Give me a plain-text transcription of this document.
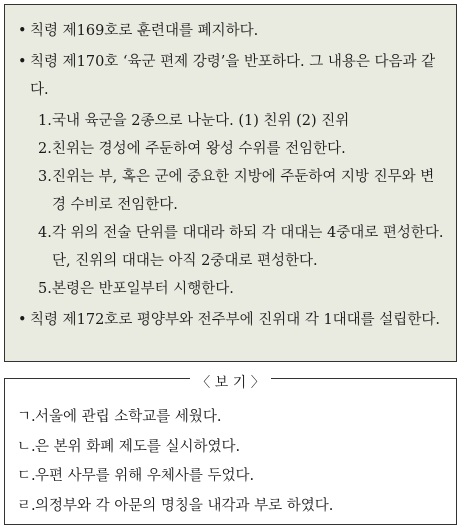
• 칙령 제169호로 훈련대를 폐지하다.
• 칙령 제170호 ‘육군 편제 강령’을 반포하다. 그 내용은 다음과 같다.
1. 국내 육군을 2종으로 나눈다. (1) 친위 (2) 진위
2. 친위는 경성에 주둔하여 왕성 수위를 전임한다.
3. 진위는 부, 혹은 군에 중요한 지방에 주둔하여 지방 진무와 변경 수비로 전임한다.
4. 각 위의 전술 단위를 대대라 하되 각 대대는 4중대로 편성한다. 단, 진위의 대대는 아직 2중대로 편성한다.
5. 본령은 반포일부터 시행한다.
• 칙령 제172호로 평양부와 전주부에 진위대 각 1대대를 설립한다.
〈 보 기 〉
ㄱ. 서울에 관립 소학교를 세웠다.
ㄴ. 은 본위 화폐 제도를 실시하였다.
ㄷ. 우편 사무를 위해 우체사를 두었다.
ㄹ. 의정부와 각 아문의 명칭을 내각과 부로 하였다.
